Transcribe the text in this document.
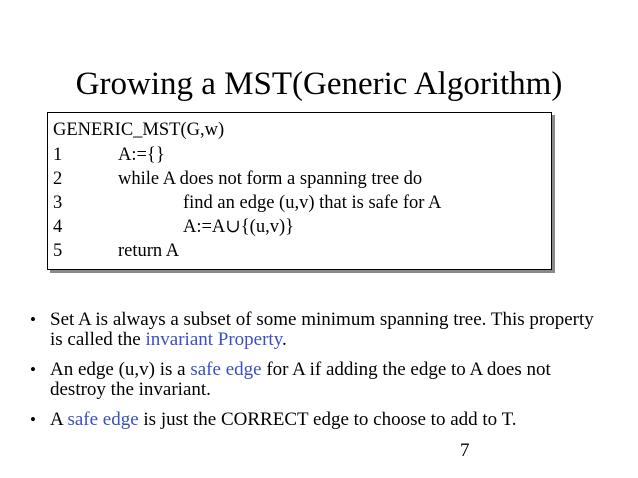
Growing a MST(Generic Algorithm)
GENERIC_MST(G,w)
1	A:={}
2	while A does not form a spanning tree do
3	find an edge (u,v) that is safe for A
4	A:=A∪{(u,v)}
5	return A
• Set A is always a subset of some minimum spanning tree. This property is called the invariant Property.
• An edge (u,v) is a safe edge for A if adding the edge to A does not destroy the invariant.
• A safe edge is just the CORRECT edge to choose to add to T.
7
